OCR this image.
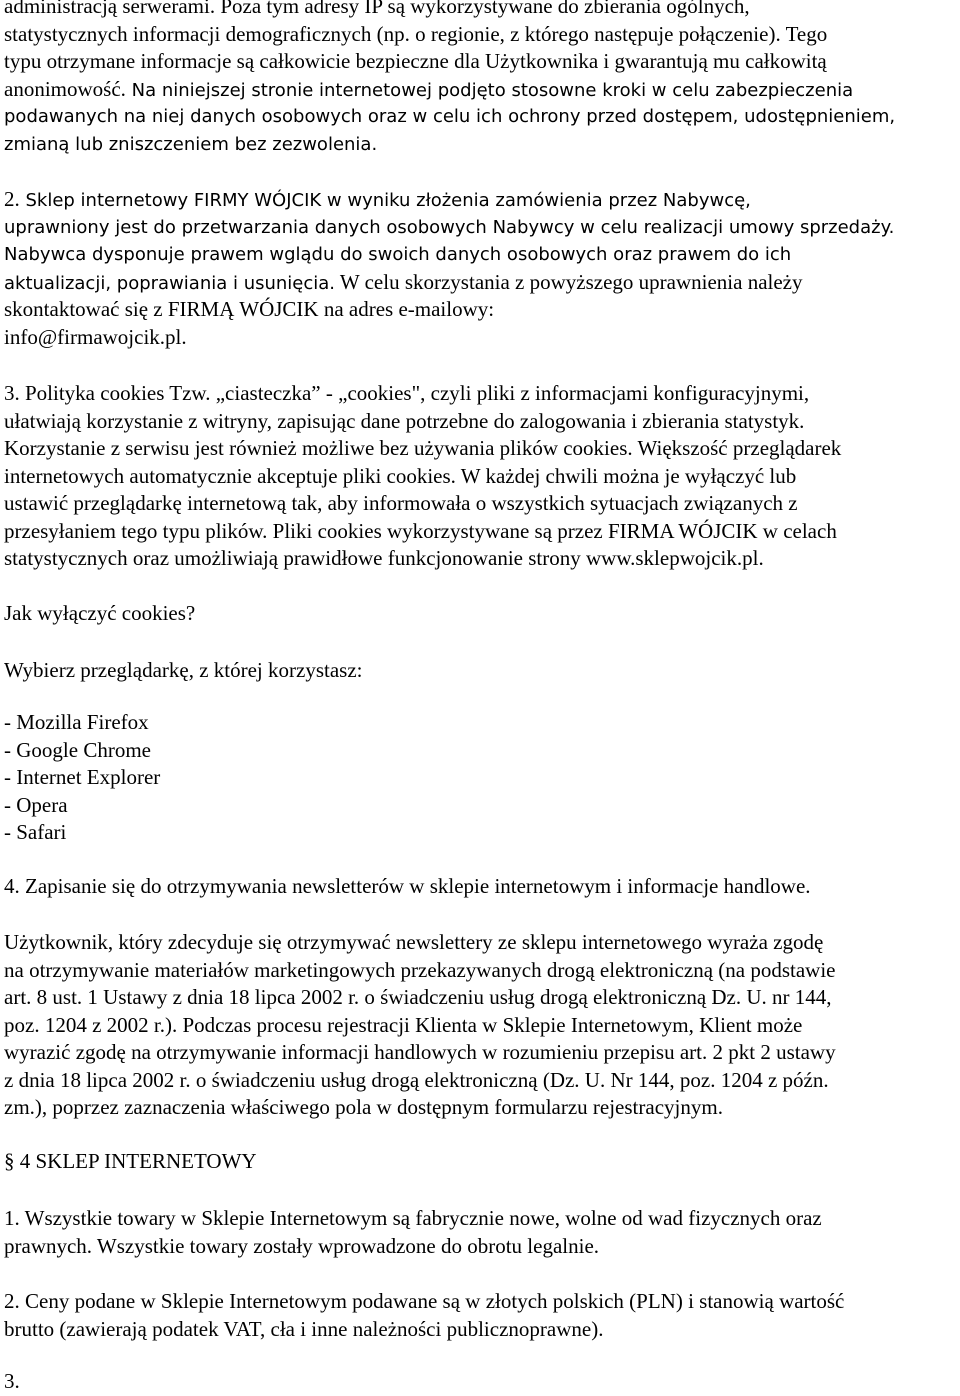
administracją serwerami. Poza tym adresy IP są wykorzystywane do zbierania ogólnych,
statystycznych informacji demograficznych (np. o regionie, z którego następuje połączenie). Tego
typu otrzymane informacje są całkowicie bezpieczne dla Użytkownika i gwarantują mu całkowitą
anonimowość. Na niniejszej stronie internetowej podjęto stosowne kroki w celu zabezpieczenia
podawanych na niej danych osobowych oraz w celu ich ochrony przed dostępem, udostępnieniem,
zmianą lub zniszczeniem bez zezwolenia.
2. Sklep internetowy FIRMY WÓJCIK w wyniku złożenia zamówienia przez Nabywcę,
uprawniony jest do przetwarzania danych osobowych Nabywcy w celu realizacji umowy sprzedaży.
Nabywca dysponuje prawem wglądu do swoich danych osobowych oraz prawem do ich
aktualizacji, poprawiania i usunięcia. W celu skorzystania z powyższego uprawnienia należy
skontaktować się z FIRMĄ WÓJCIK na adres e-mailowy:
info@firmawojcik.pl.
3. Polityka cookies Tzw. „ciasteczka” - „cookies", czyli pliki z informacjami konfiguracyjnymi,
ułatwiają korzystanie z witryny, zapisując dane potrzebne do zalogowania i zbierania statystyk.
Korzystanie z serwisu jest również możliwe bez używania plików cookies. Większość przeglądarek
internetowych automatycznie akceptuje pliki cookies. W każdej chwili można je wyłączyć lub
ustawić przeglądarkę internetową tak, aby informowała o wszystkich sytuacjach związanych z
przesyłaniem tego typu plików. Pliki cookies wykorzystywane są przez FIRMA WÓJCIK w celach
statystycznych oraz umożliwiają prawidłowe funkcjonowanie strony www.sklepwojcik.pl.
Jak wyłączyć cookies?
Wybierz przeglądarkę, z której korzystasz:
- Mozilla Firefox
- Google Chrome
- Internet Explorer
- Opera
- Safari
4. Zapisanie się do otrzymywania newsletterów w sklepie internetowym i informacje handlowe.
Użytkownik, który zdecyduje się otrzymywać newslettery ze sklepu internetowego wyraża zgodę
na otrzymywanie materiałów marketingowych przekazywanych drogą elektroniczną (na podstawie
art. 8 ust. 1 Ustawy z dnia 18 lipca 2002 r. o świadczeniu usług drogą elektroniczną Dz. U. nr 144,
poz. 1204 z 2002 r.). Podczas procesu rejestracji Klienta w Sklepie Internetowym, Klient może
wyrazić zgodę na otrzymywanie informacji handlowych w rozumieniu przepisu art. 2 pkt 2 ustawy
z dnia 18 lipca 2002 r. o świadczeniu usług drogą elektroniczną (Dz. U. Nr 144, poz. 1204 z późn.
zm.), poprzez zaznaczenia właściwego pola w dostępnym formularzu rejestracyjnym.
§ 4 SKLEP INTERNETOWY
1. Wszystkie towary w Sklepie Internetowym są fabrycznie nowe, wolne od wad fizycznych oraz
prawnych. Wszystkie towary zostały wprowadzone do obrotu legalnie.
2. Ceny podane w Sklepie Internetowym podawane są w złotych polskich (PLN) i stanowią wartość
brutto (zawierają podatek VAT, cła i inne należności publicznoprawne).
3.
